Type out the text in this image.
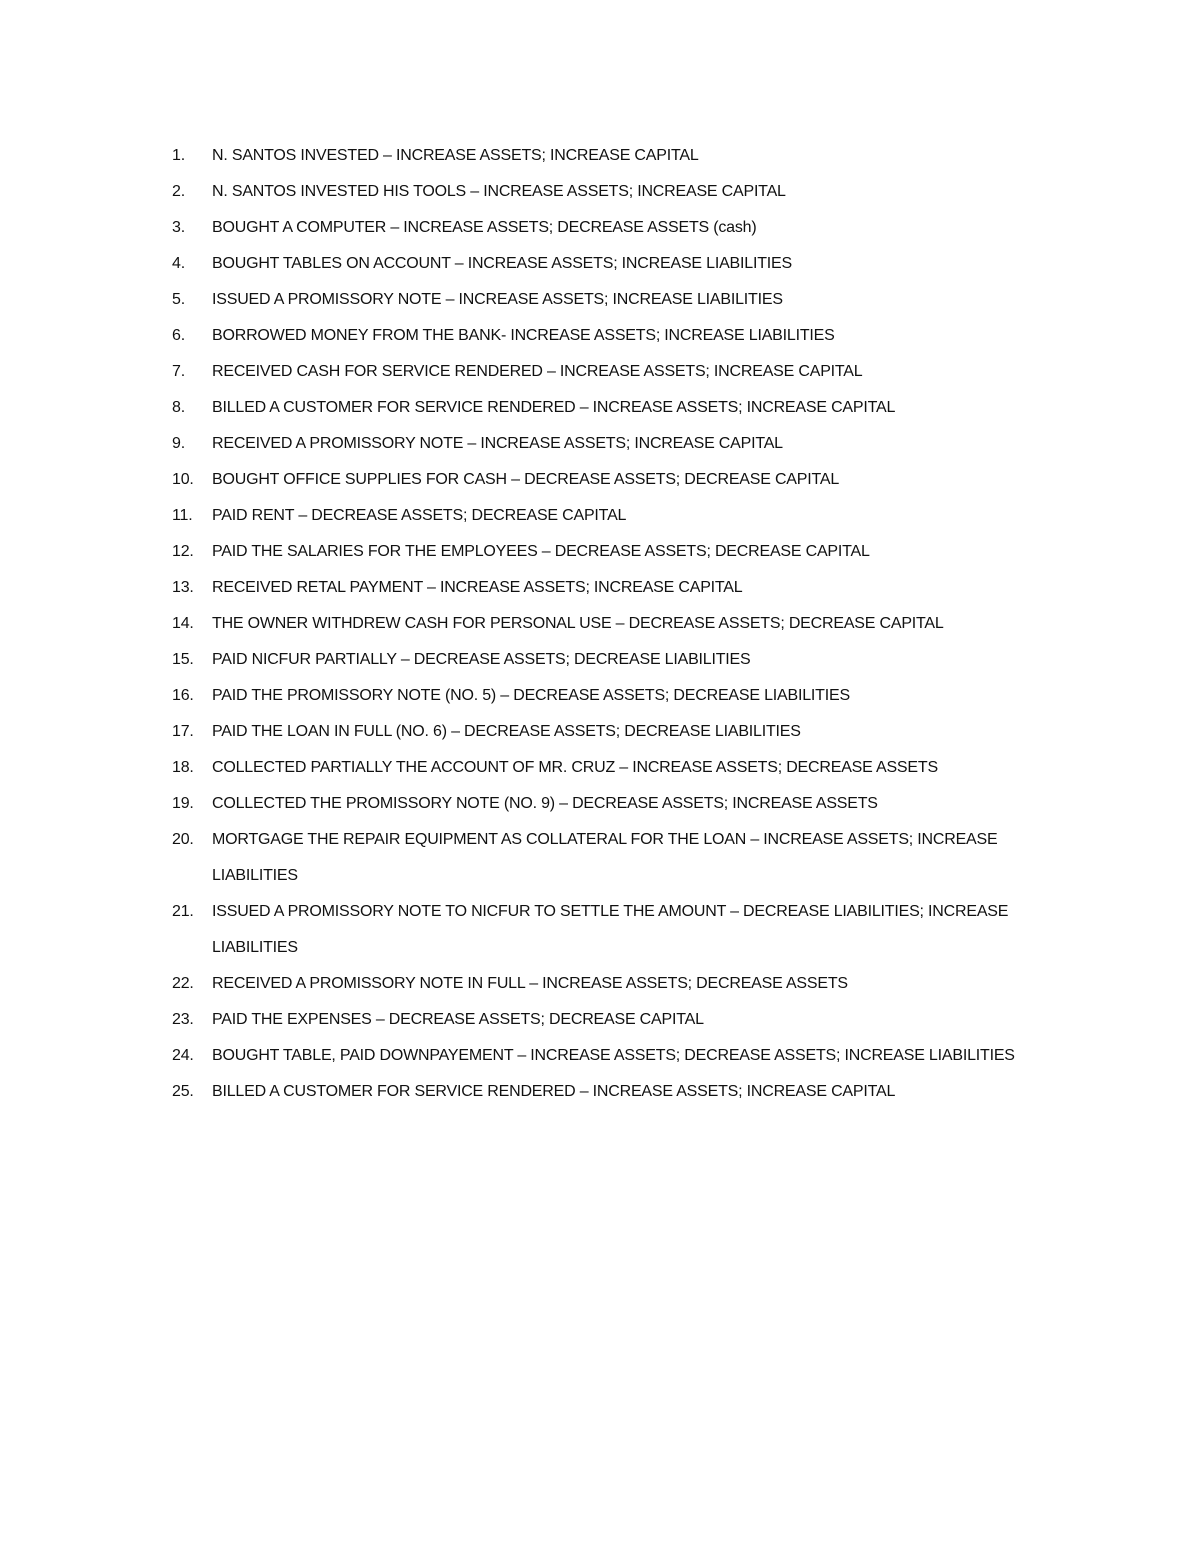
1.	N. SANTOS INVESTED – INCREASE ASSETS; INCREASE CAPITAL
2.	N. SANTOS INVESTED HIS TOOLS – INCREASE ASSETS; INCREASE CAPITAL
3.	BOUGHT A COMPUTER – INCREASE ASSETS; DECREASE ASSETS (cash)
4.	BOUGHT TABLES ON ACCOUNT – INCREASE ASSETS; INCREASE LIABILITIES
5.	ISSUED A PROMISSORY NOTE – INCREASE ASSETS; INCREASE LIABILITIES
6.	BORROWED MONEY FROM THE BANK- INCREASE ASSETS; INCREASE LIABILITIES
7.	RECEIVED CASH FOR SERVICE RENDERED – INCREASE ASSETS; INCREASE CAPITAL
8.	BILLED A CUSTOMER FOR SERVICE RENDERED – INCREASE ASSETS; INCREASE CAPITAL
9.	RECEIVED A PROMISSORY NOTE – INCREASE ASSETS; INCREASE CAPITAL
10.	BOUGHT OFFICE SUPPLIES FOR CASH – DECREASE ASSETS; DECREASE CAPITAL
11.	PAID RENT – DECREASE ASSETS; DECREASE CAPITAL
12.	PAID THE SALARIES FOR THE EMPLOYEES – DECREASE ASSETS; DECREASE CAPITAL
13.	RECEIVED RETAL PAYMENT – INCREASE ASSETS; INCREASE CAPITAL
14.	THE OWNER WITHDREW CASH FOR PERSONAL USE – DECREASE ASSETS; DECREASE CAPITAL
15.	PAID NICFUR PARTIALLY – DECREASE ASSETS; DECREASE LIABILITIES
16.	PAID THE PROMISSORY NOTE (NO. 5) – DECREASE ASSETS; DECREASE LIABILITIES
17.	PAID THE LOAN IN FULL (NO. 6) – DECREASE ASSETS; DECREASE LIABILITIES
18.	COLLECTED PARTIALLY THE ACCOUNT OF MR. CRUZ – INCREASE ASSETS; DECREASE ASSETS
19.	COLLECTED THE PROMISSORY NOTE (NO. 9) – DECREASE ASSETS; INCREASE ASSETS
20.	MORTGAGE THE REPAIR EQUIPMENT AS COLLATERAL FOR THE LOAN – INCREASE ASSETS; INCREASE LIABILITIES
21.	ISSUED A PROMISSORY NOTE TO NICFUR TO SETTLE THE AMOUNT – DECREASE LIABILITIES; INCREASE LIABILITIES
22.	RECEIVED A PROMISSORY NOTE IN FULL – INCREASE ASSETS; DECREASE ASSETS
23.	PAID THE EXPENSES – DECREASE ASSETS; DECREASE CAPITAL
24.	BOUGHT TABLE, PAID DOWNPAYEMENT – INCREASE ASSETS; DECREASE ASSETS; INCREASE LIABILITIES
25.	BILLED A CUSTOMER FOR SERVICE RENDERED – INCREASE ASSETS; INCREASE CAPITAL
